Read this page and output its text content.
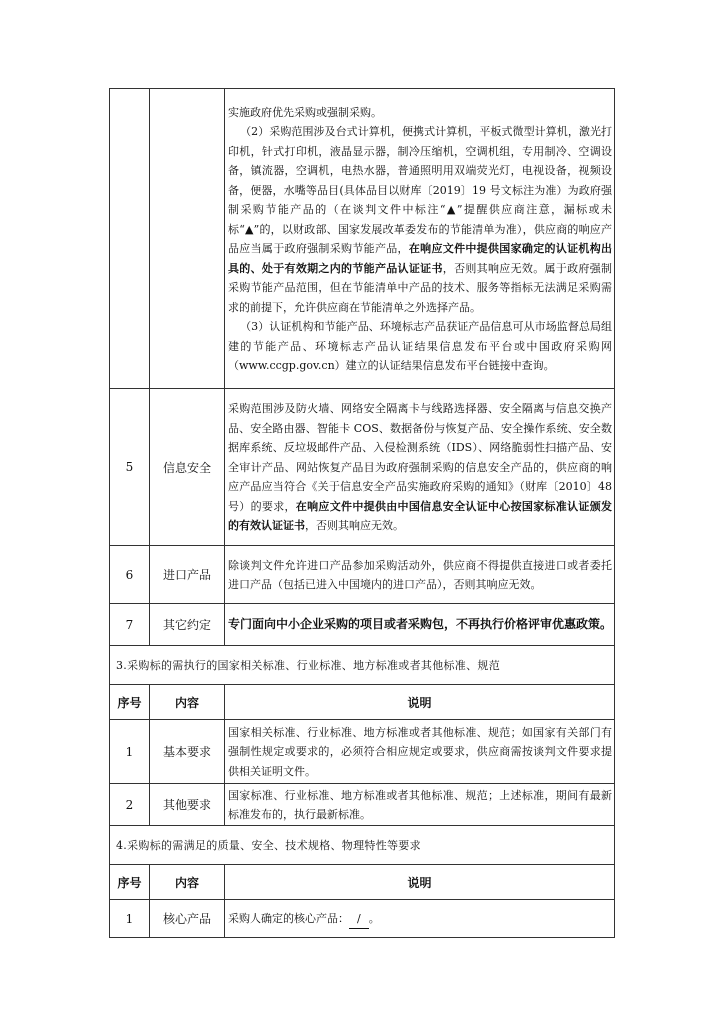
		实施政府优先采购或强制采购。

（2）采购范围涉及台式计算机，便携式计算机，平板式微型计算机，激光打印机，针式打印机，液晶显示器，制冷压缩机，空调机组，专用制冷、空调设备，镇流器，空调机，电热水器，普通照明用双端荧光灯，电视设备，视频设备，便器，水嘴等品目(具体品目以财库〔2019〕19 号文标注为准）为政府强制采购节能产品的（在谈判文件中标注“▲”提醒供应商注意，漏标或未标“▲”的，以财政部、国家发展改革委发布的节能清单为准），供应商的响应产品应当属于政府强制采购节能产品，在响应文件中提供国家确定的认证机构出具的、处于有效期之内的节能产品认证证书，否则其响应无效。属于政府强制采购节能产品范围，但在节能清单中产品的技术、服务等指标无法满足采购需求的前提下，允许供应商在节能清单之外选择产品。

（3）认证机构和节能产品、环境标志产品获证产品信息可从市场监督总局组建的节能产品、环境标志产品认证结果信息发布平台或中国政府采购网（www.ccgp.gov.cn）建立的认证结果信息发布平台链接中查询。

5	信息安全	采购范围涉及防火墙、网络安全隔离卡与线路选择器、安全隔离与信息交换产品、安全路由器、智能卡 COS、数据备份与恢复产品、安全操作系统、安全数据库系统、反垃圾邮件产品、入侵检测系统（IDS）、网络脆弱性扫描产品、安全审计产品、网站恢复产品目为政府强制采购的信息安全产品的，供应商的响应产品应当符合《关于信息安全产品实施政府采购的通知》（财库〔2010〕48 号）的要求，在响应文件中提供由中国信息安全认证中心按国家标准认证颁发的有效认证证书，否则其响应无效。

6	进口产品	除谈判文件允许进口产品参加采购活动外，供应商不得提供直接进口或者委托进口产品（包括已进入中国境内的进口产品），否则其响应无效。
7	其它约定	专门面向中小企业采购的项目或者采购包，不再执行价格评审优惠政策。
3.采购标的需执行的国家相关标准、行业标准、地方标准或者其他标准、规范		
序号	内容	说明
1	基本要求	国家相关标准、行业标准、地方标准或者其他标准、规范；如国家有关部门有强制性规定或要求的，必须符合相应规定或要求，供应商需按谈判文件要求提供相关证明文件。
2	其他要求	国家标准、行业标准、地方标准或者其他标准、规范；上述标准，期间有最新标准发布的，执行最新标准。
4.采购标的需满足的质量、安全、技术规格、物理特性等要求		
序号	内容	说明
1	核心产品	采购人确定的核心产品： / 。
